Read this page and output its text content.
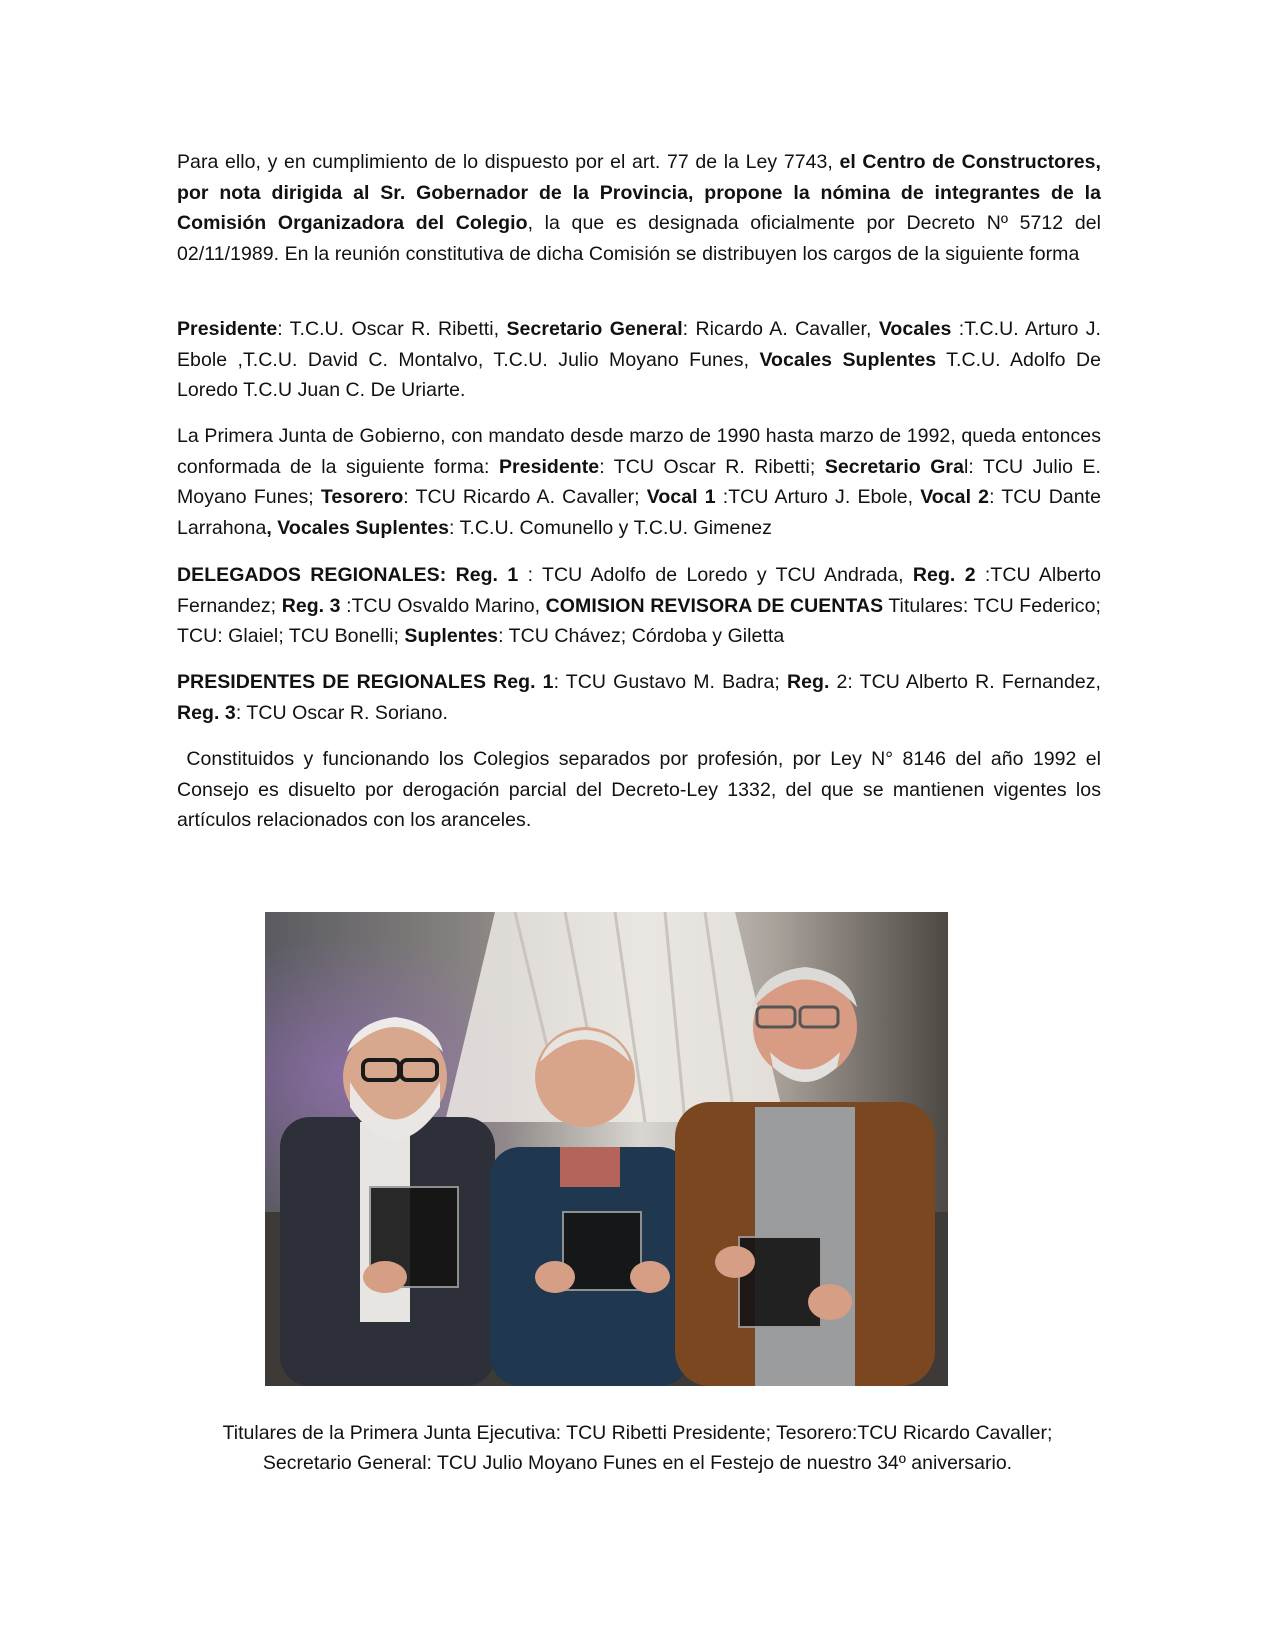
Para ello, y en cumplimiento de lo dispuesto por el art. 77 de la Ley 7743, el Centro de Constructores, por nota dirigida al Sr. Gobernador de la Provincia, propone la nómina de integrantes de la Comisión Organizadora del Colegio, la que es designada oficialmente por Decreto Nº 5712 del 02/11/1989. En la reunión constitutiva de dicha Comisión se distribuyen los cargos de la siguiente forma

Presidente: T.C.U. Oscar R. Ribetti, Secretario General: Ricardo A. Cavaller, Vocales :T.C.U. Arturo J. Ebole ,T.C.U. David C. Montalvo, T.C.U. Julio Moyano Funes, Vocales Suplentes T.C.U. Adolfo De Loredo T.C.U Juan C. De Uriarte.

La Primera Junta de Gobierno, con mandato desde marzo de 1990 hasta marzo de 1992, queda entonces conformada de la siguiente forma: Presidente: TCU Oscar R. Ribetti; Secretario Gral: TCU Julio E. Moyano Funes; Tesorero: TCU Ricardo A. Cavaller; Vocal 1 :TCU Arturo J. Ebole, Vocal 2: TCU Dante Larrahona, Vocales Suplentes: T.C.U. Comunello y T.C.U. Gimenez

DELEGADOS REGIONALES: Reg. 1 : TCU Adolfo de Loredo y TCU Andrada, Reg. 2 :TCU Alberto Fernandez; Reg. 3 :TCU Osvaldo Marino, COMISION REVISORA DE CUENTAS Titulares: TCU Federico; TCU: Glaiel; TCU Bonelli; Suplentes: TCU Chávez; Córdoba y Giletta

PRESIDENTES DE REGIONALES Reg. 1: TCU Gustavo M. Badra; Reg. 2: TCU Alberto R. Fernandez, Reg. 3: TCU Oscar R. Soriano.

Constituidos y funcionando los Colegios separados por profesión, por Ley N° 8146 del año 1992 el Consejo es disuelto por derogación parcial del Decreto-Ley 1332, del que se mantienen vigentes los artículos relacionados con los aranceles.

Titulares de la Primera Junta Ejecutiva: TCU Ribetti Presidente; Tesorero:TCU Ricardo Cavaller;
Secretario General: TCU Julio Moyano Funes en el Festejo de nuestro 34º aniversario.
